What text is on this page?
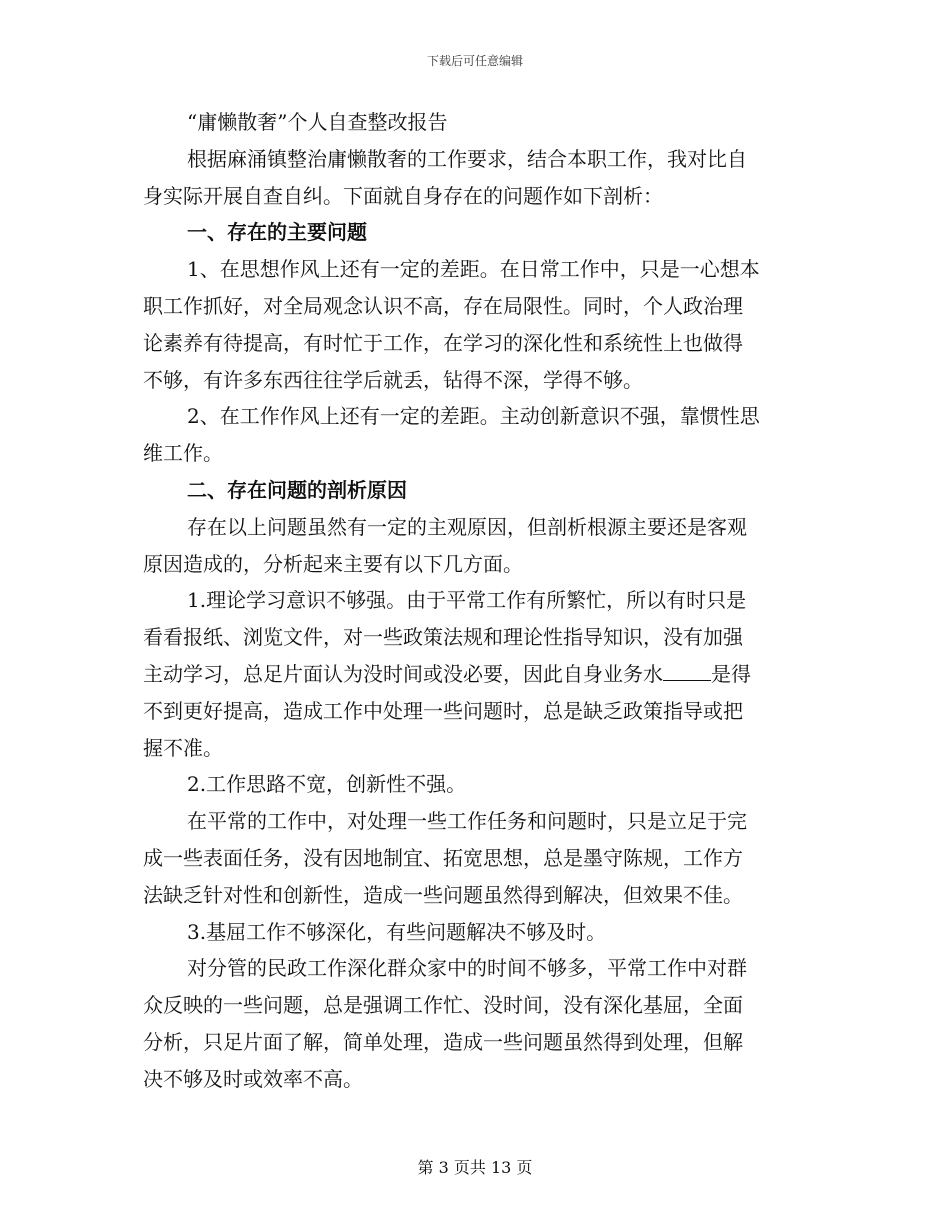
下载后可任意编辑
“庸懒散奢”个人自查整改报告
根据麻涌镇整治庸懒散奢的工作要求，结合本职工作，我对比自
身实际开展自查自纠。下面就自身存在的问题作如下剖析：
一、存在的主要问题
1、在思想作风上还有一定的差距。在日常工作中，只是一心想本
职工作抓好，对全局观念认识不高，存在局限性。同时，个人政治理
论素养有待提高，有时忙于工作，在学习的深化性和系统性上也做得
不够，有许多东西往往学后就丢，钻得不深，学得不够。
2、在工作作风上还有一定的差距。主动创新意识不强，靠惯性思
维工作。
二、存在问题的剖析原因
存在以上问题虽然有一定的主观原因，但剖析根源主要还是客观
原因造成的，分析起来主要有以下几方面。
1.理论学习意识不够强。由于平常工作有所繁忙，所以有时只是
看看报纸、浏览文件，对一些政策法规和理论性指导知识，没有加强
主动学习，总足片面认为没时间或没必要，因此自身业务水 是得
不到更好提高，造成工作中处理一些问题时，总是缺乏政策指导或把
握不准。
2.工作思路不宽，创新性不强。
在平常的工作中，对处理一些工作任务和问题时，只是立足于完
成一些表面任务，没有因地制宜、拓宽思想，总是墨守陈规，工作方
法缺乏针对性和创新性，造成一些问题虽然得到解决，但效果不佳。
3.基屈工作不够深化，有些问题解决不够及时。
对分管的民政工作深化群众家中的时间不够多，平常工作中对群
众反映的一些问题，总是强调工作忙、没时间，没有深化基屈，全面
分析，只足片面了解，简单处理，造成一些问题虽然得到处理，但解
决不够及时或效率不高。
第 3 页共 13 页
